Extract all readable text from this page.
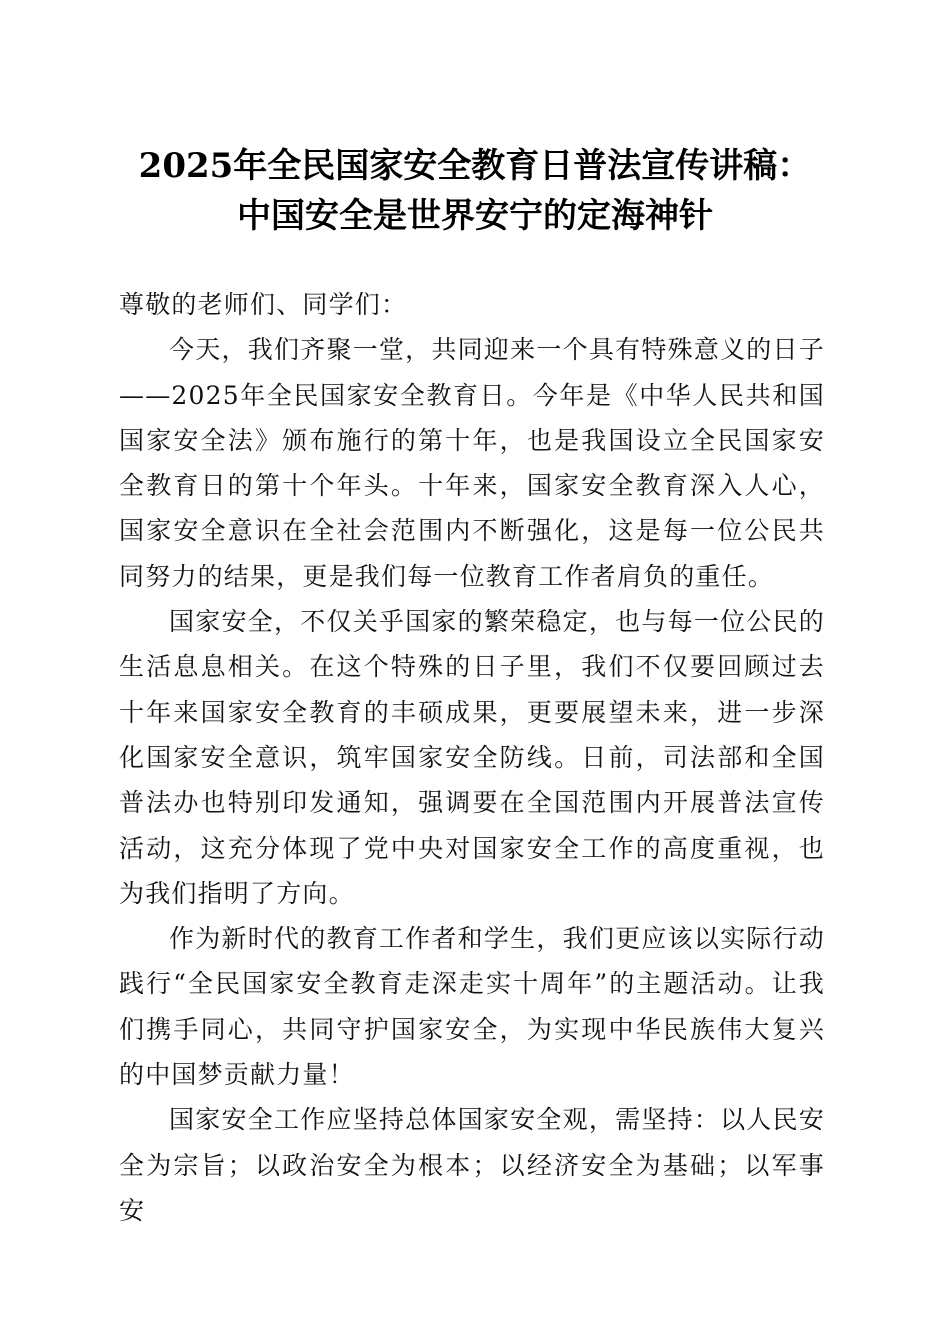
2025年全民国家安全教育日普法宣传讲稿：
中国安全是世界安宁的定海神针

尊敬的老师们、同学们：

今天，我们齐聚一堂，共同迎来一个具有特殊意义的日子——2025年全民国家安全教育日。今年是《中华人民共和国国家安全法》颁布施行的第十年，也是我国设立全民国家安全教育日的第十个年头。十年来，国家安全教育深入人心，国家安全意识在全社会范围内不断强化，这是每一位公民共同努力的结果，更是我们每一位教育工作者肩负的重任。

国家安全，不仅关乎国家的繁荣稳定，也与每一位公民的生活息息相关。在这个特殊的日子里，我们不仅要回顾过去十年来国家安全教育的丰硕成果，更要展望未来，进一步深化国家安全意识，筑牢国家安全防线。日前，司法部和全国普法办也特别印发通知，强调要在全国范围内开展普法宣传活动，这充分体现了党中央对国家安全工作的高度重视，也为我们指明了方向。

作为新时代的教育工作者和学生，我们更应该以实际行动践行“全民国家安全教育走深走实十周年”的主题活动。让我们携手同心，共同守护国家安全，为实现中华民族伟大复兴的中国梦贡献力量！

国家安全工作应坚持总体国家安全观，需坚持：以人民安全为宗旨；以政治安全为根本；以经济安全为基础；以军事安
